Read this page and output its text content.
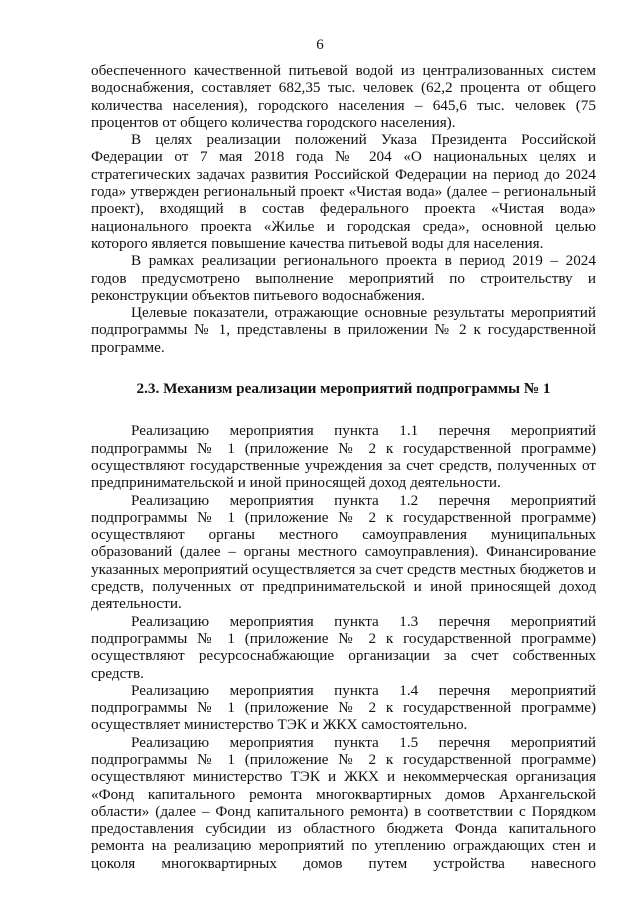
6

обеспеченного качественной питьевой водой из централизованных систем водоснабжения, составляет 682,35 тыс. человек (62,2 процента от общего количества населения), городского населения – 645,6 тыс. человек (75 процентов от общего количества городского населения).

В целях реализации положений Указа Президента Российской Федерации от 7 мая 2018 года № 204 «О национальных целях и стратегических задачах развития Российской Федерации на период до 2024 года» утвержден региональный проект «Чистая вода» (далее – региональный проект), входящий в состав федерального проекта «Чистая вода» национального проекта «Жилье и городская среда», основной целью которого является повышение качества питьевой воды для населения.

В рамках реализации регионального проекта в период 2019 – 2024 годов предусмотрено выполнение мероприятий по строительству и реконструкции объектов питьевого водоснабжения.

Целевые показатели, отражающие основные результаты мероприятий подпрограммы № 1, представлены в приложении № 2 к государственной программе.

2.3. Механизм реализации мероприятий подпрограммы № 1

Реализацию мероприятия пункта 1.1 перечня мероприятий подпрограммы № 1 (приложение № 2 к государственной программе) осуществляют государственные учреждения за счет средств, полученных от предпринимательской и иной приносящей доход деятельности.

Реализацию мероприятия пункта 1.2 перечня мероприятий подпрограммы № 1 (приложение № 2 к государственной программе) осуществляют органы местного самоуправления муниципальных образований (далее – органы местного самоуправления). Финансирование указанных мероприятий осуществляется за счет средств местных бюджетов и средств, полученных от предпринимательской и иной приносящей доход деятельности.

Реализацию мероприятия пункта 1.3 перечня мероприятий подпрограммы № 1 (приложение № 2 к государственной программе) осуществляют ресурсоснабжающие организации за счет собственных средств.

Реализацию мероприятия пункта 1.4 перечня мероприятий подпрограммы № 1 (приложение № 2 к государственной программе) осуществляет министерство ТЭК и ЖКХ самостоятельно.

Реализацию мероприятия пункта 1.5 перечня мероприятий подпрограммы № 1 (приложение № 2 к государственной программе) осуществляют министерство ТЭК и ЖКХ и некоммерческая организация «Фонд капитального ремонта многоквартирных домов Архангельской области» (далее – Фонд капитального ремонта) в соответствии с Порядком предоставления субсидии из областного бюджета Фонда капитального ремонта на реализацию мероприятий по утеплению ограждающих стен и цоколя многоквартирных домов путем устройства навесного
